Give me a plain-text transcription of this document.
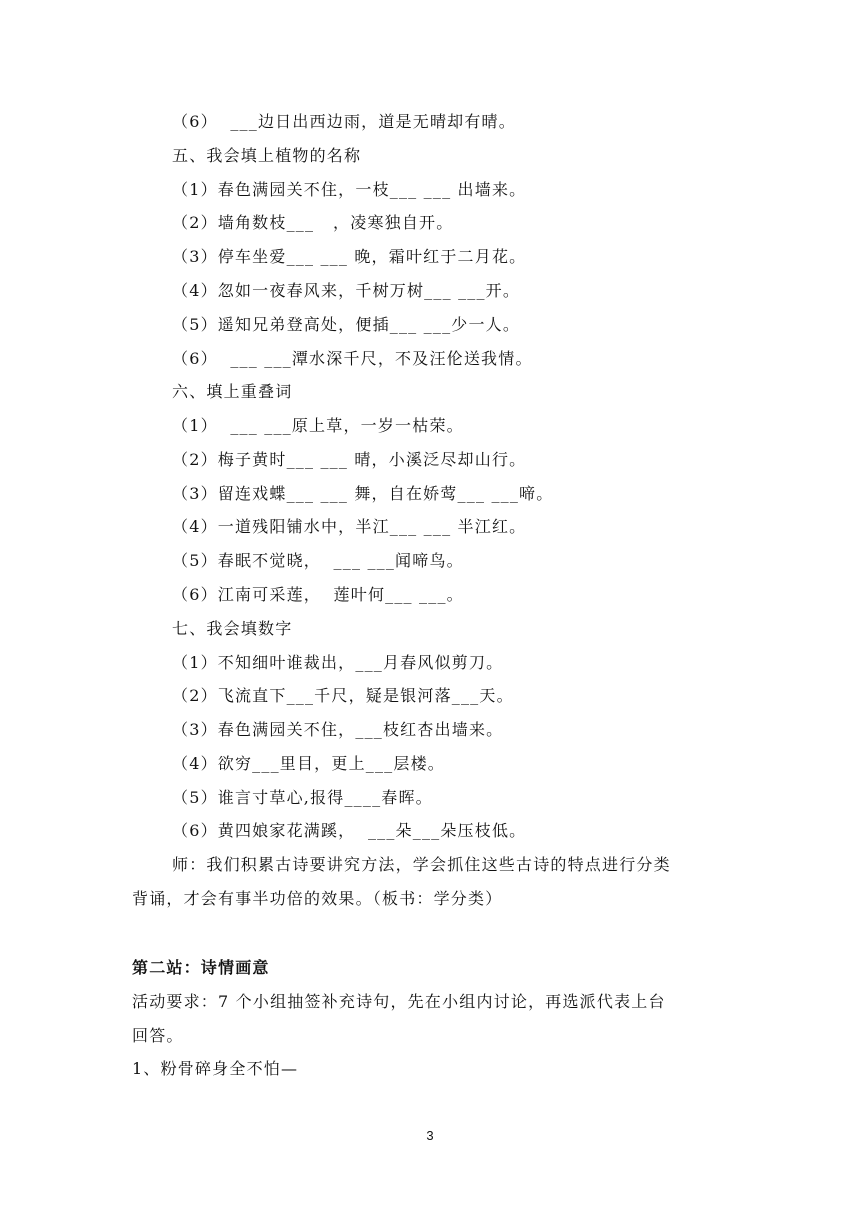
（6）  ___边日出西边雨，道是无晴却有晴。
五、我会填上植物的名称
（1）春色满园关不住，一枝___ ___ 出墙来。
（2）墙角数枝___   ，凌寒独自开。
（3）停车坐爱___ ___ 晚，霜叶红于二月花。
（4）忽如一夜春风来，千树万树___ ___开。
（5）遥知兄弟登高处，便插___ ___少一人。
（6）  ___ ___潭水深千尺，不及汪伦送我情。
六、填上重叠词
（1）  ___ ___原上草，一岁一枯荣。
（2）梅子黄时___ ___ 晴，小溪泛尽却山行。
（3）留连戏蝶___ ___ 舞，自在娇莺___ ___啼。
（4）一道残阳铺水中，半江___ ___ 半江红。
（5）春眠不觉晓，  ___ ___闻啼鸟。
（6）江南可采莲，  莲叶何___ ___。
七、我会填数字
（1）不知细叶谁裁出，___月春风似剪刀。
（2）飞流直下___千尺，疑是银河落___天。
（3）春色满园关不住，___枝红杏出墙来。
（4）欲穷___里目，更上___层楼。
（5）谁言寸草心,报得____春晖。
（6）黄四娘家花满蹊，  ___朵___朵压枝低。
师：我们积累古诗要讲究方法，学会抓住这些古诗的特点进行分类
背诵，才会有事半功倍的效果。（板书：学分类）
第二站：诗情画意
活动要求：7 个小组抽签补充诗句，先在小组内讨论，再选派代表上台
回答。
1、粉骨碎身全不怕—
3
